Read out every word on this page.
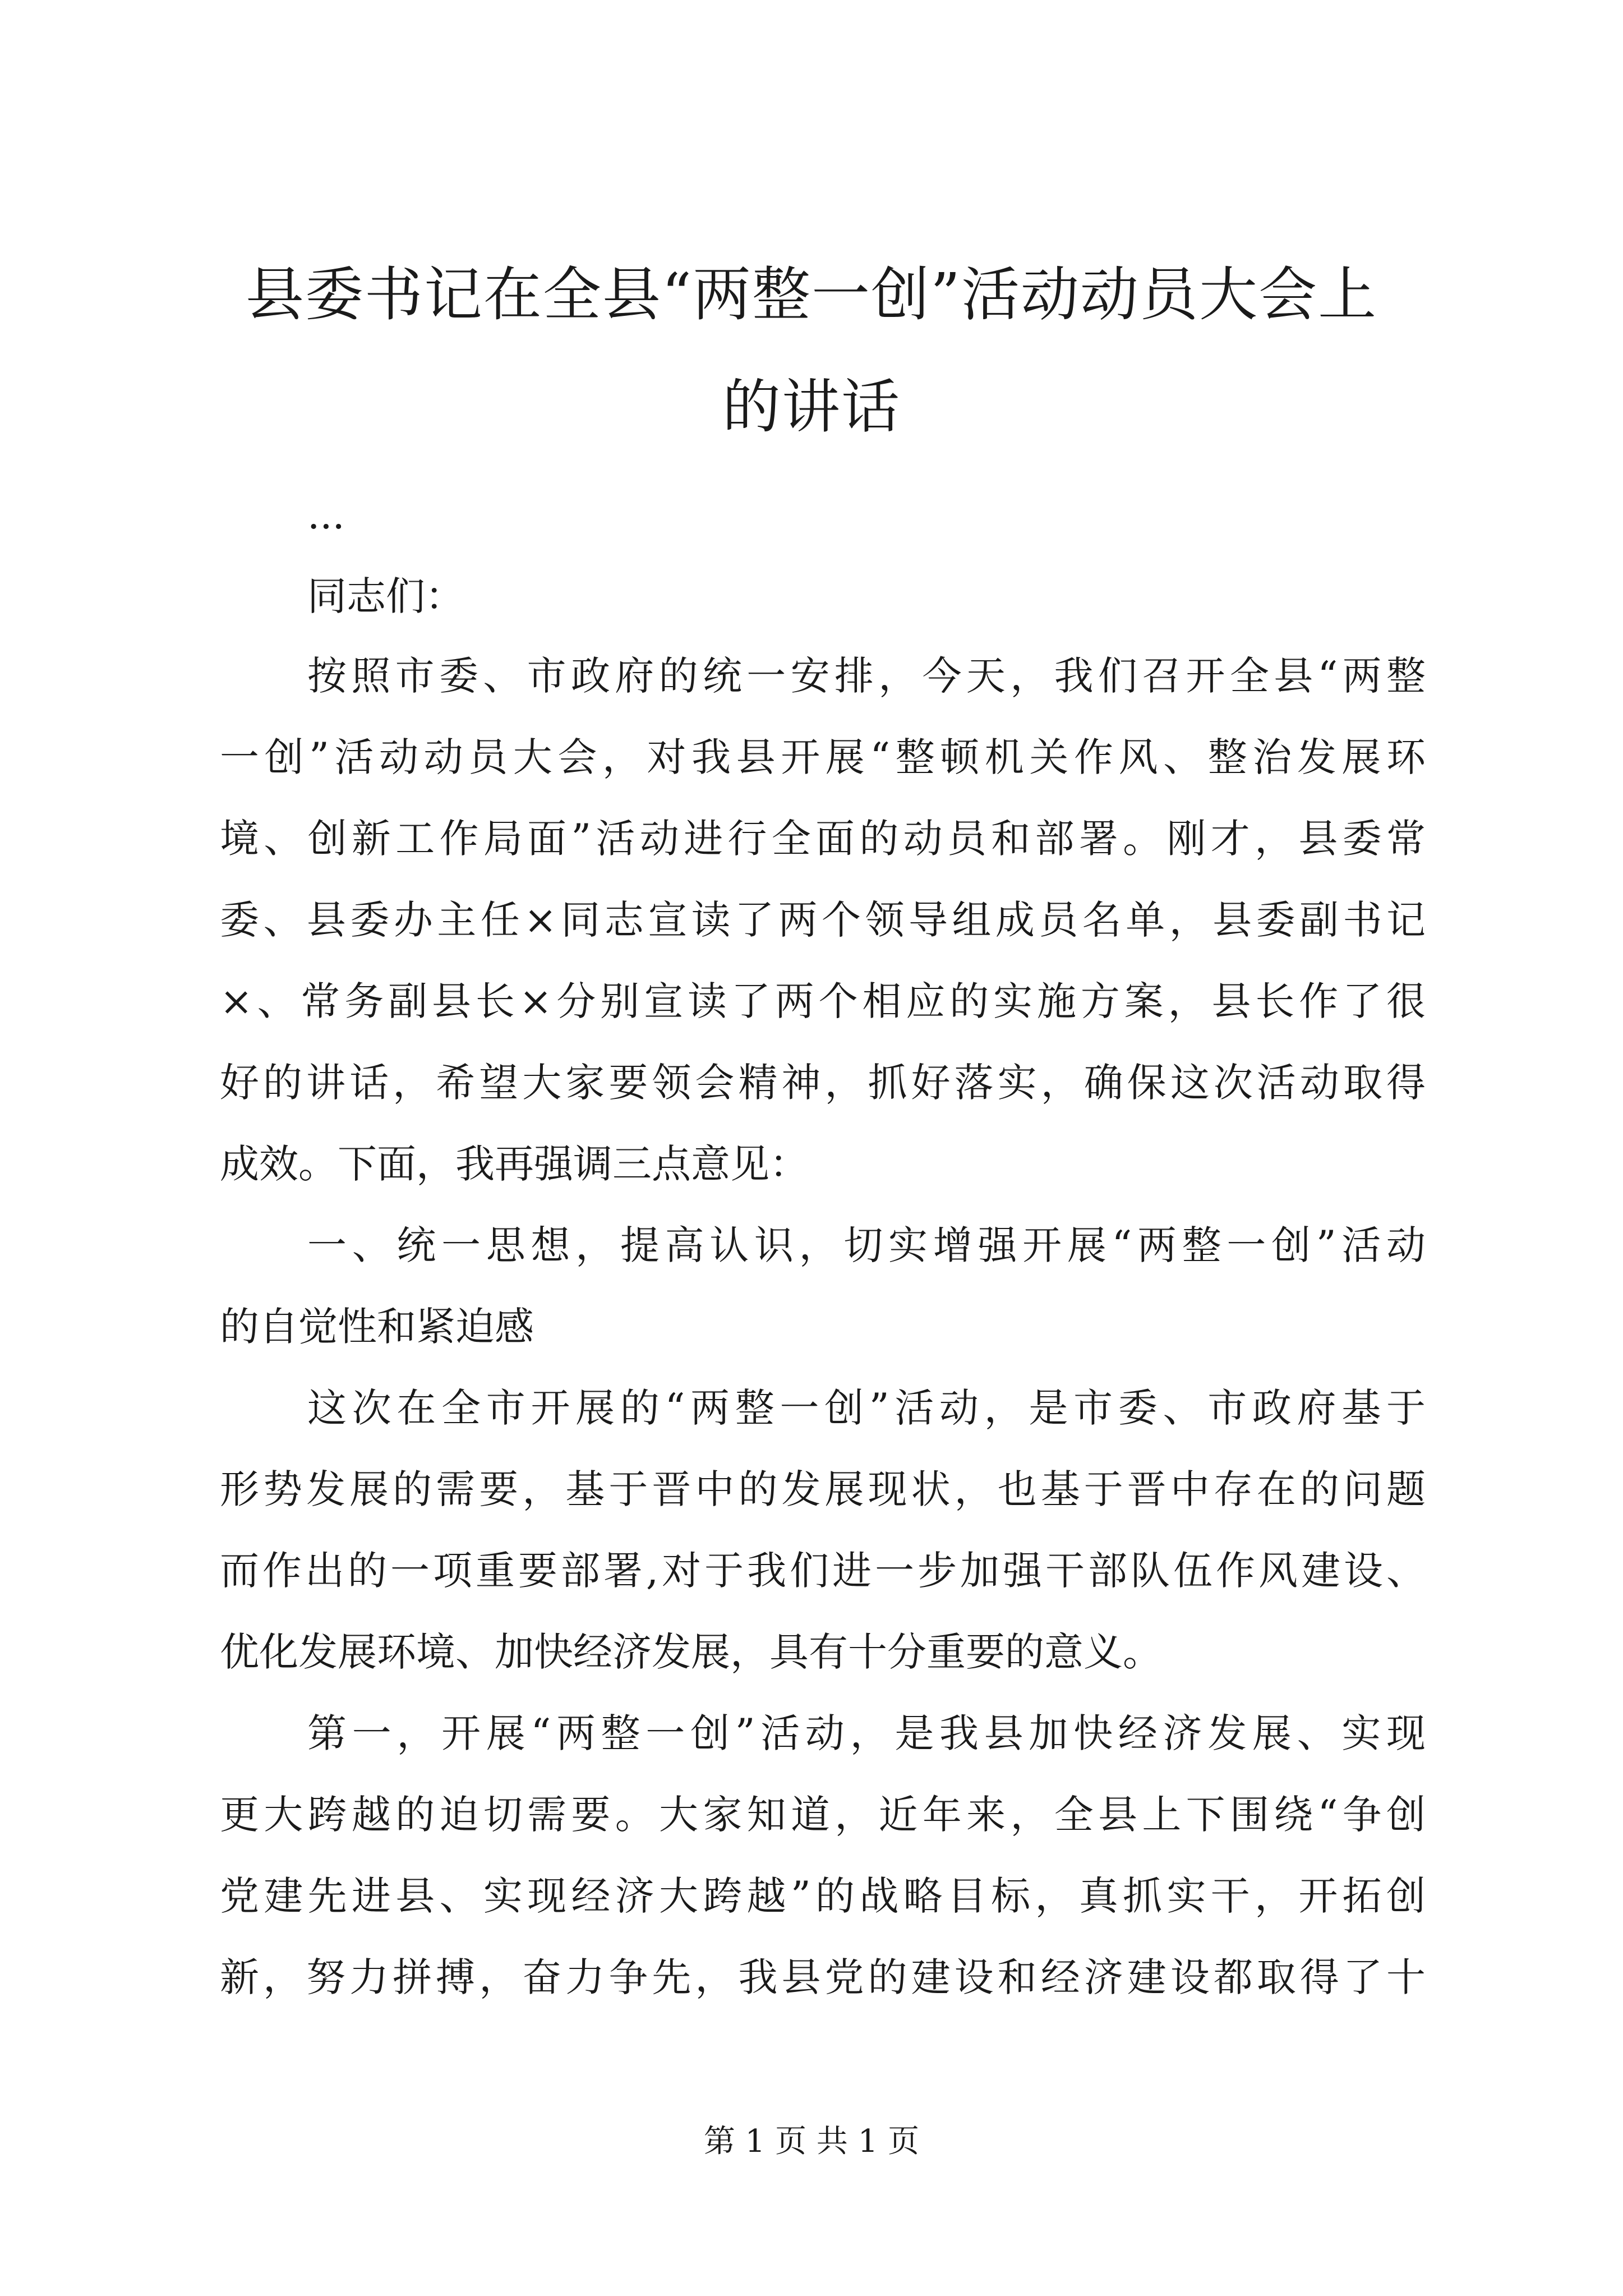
县委书记在全县“两整一创”活动动员大会上
的讲话
...
同志们：
按照市委、市政府的统一安排，今天，我们召开全县“两整
一创”活动动员大会，对我县开展“整顿机关作风、整治发展环
境、创新工作局面”活动进行全面的动员和部署。刚才，县委常
委、县委办主任×同志宣读了两个领导组成员名单，县委副书记
×、常务副县长×分别宣读了两个相应的实施方案，县长作了很
好的讲话，希望大家要领会精神，抓好落实，确保这次活动取得
成效。下面，我再强调三点意见：
一、统一思想，提高认识，切实增强开展“两整一创”活动
的自觉性和紧迫感
这次在全市开展的“两整一创”活动，是市委、市政府基于
形势发展的需要，基于晋中的发展现状，也基于晋中存在的问题
而作出的一项重要部署,对于我们进一步加强干部队伍作风建设、
优化发展环境、加快经济发展，具有十分重要的意义。
第一，开展“两整一创”活动，是我县加快经济发展、实现
更大跨越的迫切需要。大家知道，近年来，全县上下围绕“争创
党建先进县、实现经济大跨越”的战略目标，真抓实干，开拓创
新，努力拼搏，奋力争先，我县党的建设和经济建设都取得了十
第 1 页 共 1 页
